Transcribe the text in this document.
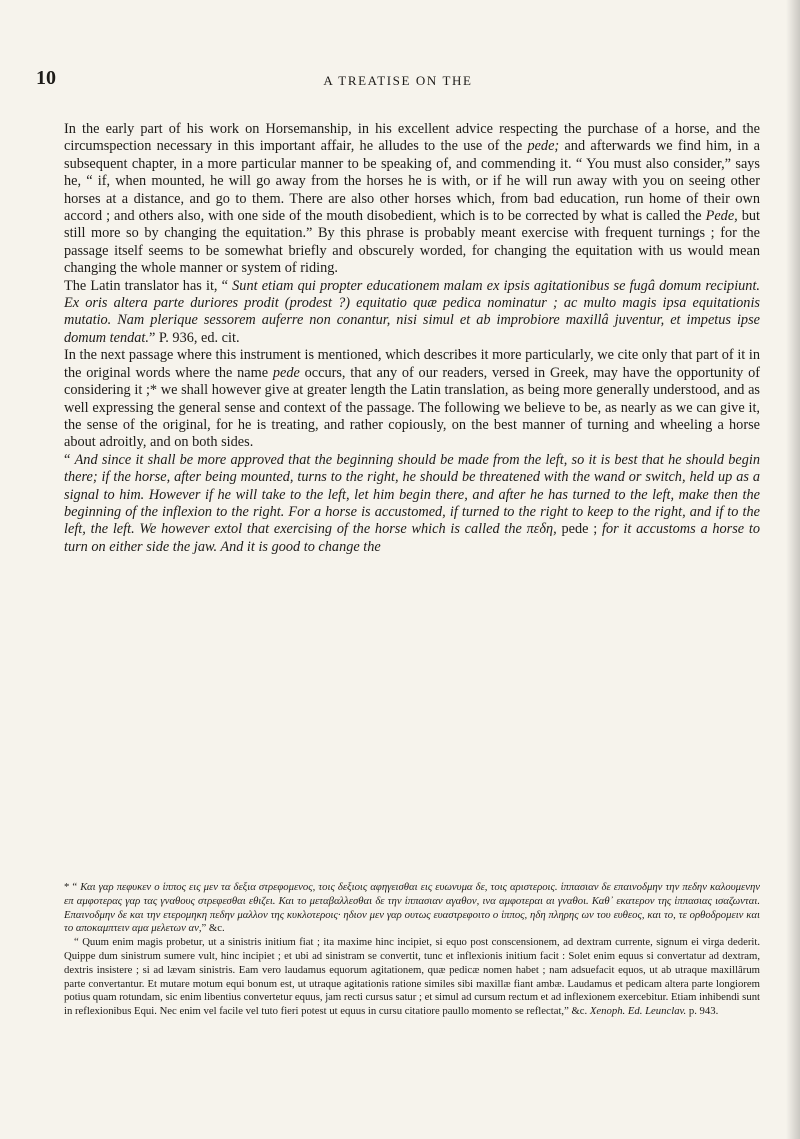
10	A TREATISE ON THE

In the early part of his work on Horsemanship, in his excellent advice respecting the purchase of a horse, and the circumspection necessary in this important affair, he alludes to the use of the pede; and afterwards we find him, in a subsequent chapter, in a more particular manner to be speaking of, and commending it. “ You must also consider,” says he, “ if, when mounted, he will go away from the horses he is with, or if he will run away with you on seeing other horses at a distance, and go to them. There are also other horses which, from bad education, run home of their own accord ; and others also, with one side of the mouth disobedient, which is to be corrected by what is called the Pede, but still more so by changing the equitation.” By this phrase is probably meant exercise with frequent turnings ; for the passage itself seems to be somewhat briefly and obscurely worded, for changing the equitation with us would mean changing the whole manner or system of riding.

The Latin translator has it, “ Sunt etiam qui propter educationem malam ex ipsis agitationibus se fugâ domum recipiunt. Ex oris altera parte duriores prodit (prodest ?) equitatio quæ pedica nominatur ; ac multo magis ipsa equitationis mutatio. Nam plerique sessorem auferre non conantur, nisi simul et ab improbiore maxillâ juventur, et impetus ipse domum tendat.” P. 936, ed. cit.

In the next passage where this instrument is mentioned, which describes it more particularly, we cite only that part of it in the original words where the name pede occurs, that any of our readers, versed in Greek, may have the opportunity of considering it ;* we shall however give at greater length the Latin translation, as being more generally understood, and as well expressing the general sense and context of the passage. The following we believe to be, as nearly as we can give it, the sense of the original, for he is treating, and rather copiously, on the best manner of turning and wheeling a horse about adroitly, and on both sides.

“ And since it shall be more approved that the beginning should be made from the left, so it is best that he should begin there; if the horse, after being mounted, turns to the right, he should be threatened with the wand or switch, held up as a signal to him. However if he will take to the left, let him begin there, and after he has turned to the left, make then the beginning of the inflexion to the right. For a horse is accustomed, if turned to the right to keep to the right, and if to the left, the left. We however extol that exercising of the horse which is called the πεδη, pede ; for it accustoms a horse to turn on either side the jaw. And it is good to change the

* “ Και γαρ πεφυκεν ο ἱππος εις μεν τα δεξια στρεφομενος, τοις δεξιοις αφηγεισθαι εις ευωνυμα δε, τοις αριστεροις. ἱππασιαν δε επαινοδμην την πεδην καλουμενην επ αμφοτερας γαρ τας γναθους στρεφεσθαι εθιζει. Και το μεταβαλλεσθαι δε την ἱππασιαν αγαθον, ινα αμφοτεραι αι γναθοι. Καθ᾽ εκατερον της ἱππασιας ισαζωνται. Επαινοδμην δε και την ετερομηκη πεδην μαλλον της κυκλοτεροις· ηδιον μεν γαρ ουτως ευαστρεφοιτο ο ἱππος, ηδη πληρης ων του ευθεος, και το, τε ορθοδρομειν και το αποκαμπτειν αμα μελετων αν,” &c.

“ Quum enim magis probetur, ut a sinistris initium fiat ; ita maxime hinc incipiet, si equo post conscensionem, ad dextram currente, signum ei virga dederit. Quippe dum sinistrum sumere vult, hinc incipiet ; et ubi ad sinistram se convertit, tunc et inflexionis initium facit : Solet enim equus si convertatur ad dextram, dextris insistere ; si ad lævam sinistris. Eam vero laudamus equorum agitationem, quæ pedicæ nomen habet ; nam adsuefacit equos, ut ab utraque maxillârum parte convertantur. Et mutare motum equi bonum est, ut utraque agitationis ratione similes sibi maxillæ fiant ambæ. Laudamus et pedicam altera parte longiorem potius quam rotundam, sic enim libentius convertetur equus, jam recti cursus satur ; et simul ad cursum rectum et ad inflexionem exercebitur. Etiam inhibendi sunt in reflexionibus Equi. Nec enim vel facile vel tuto fieri potest ut equus in cursu citatiore paullo momento se reflectat,” &c. Xenoph. Ed. Leunclav. p. 943.
